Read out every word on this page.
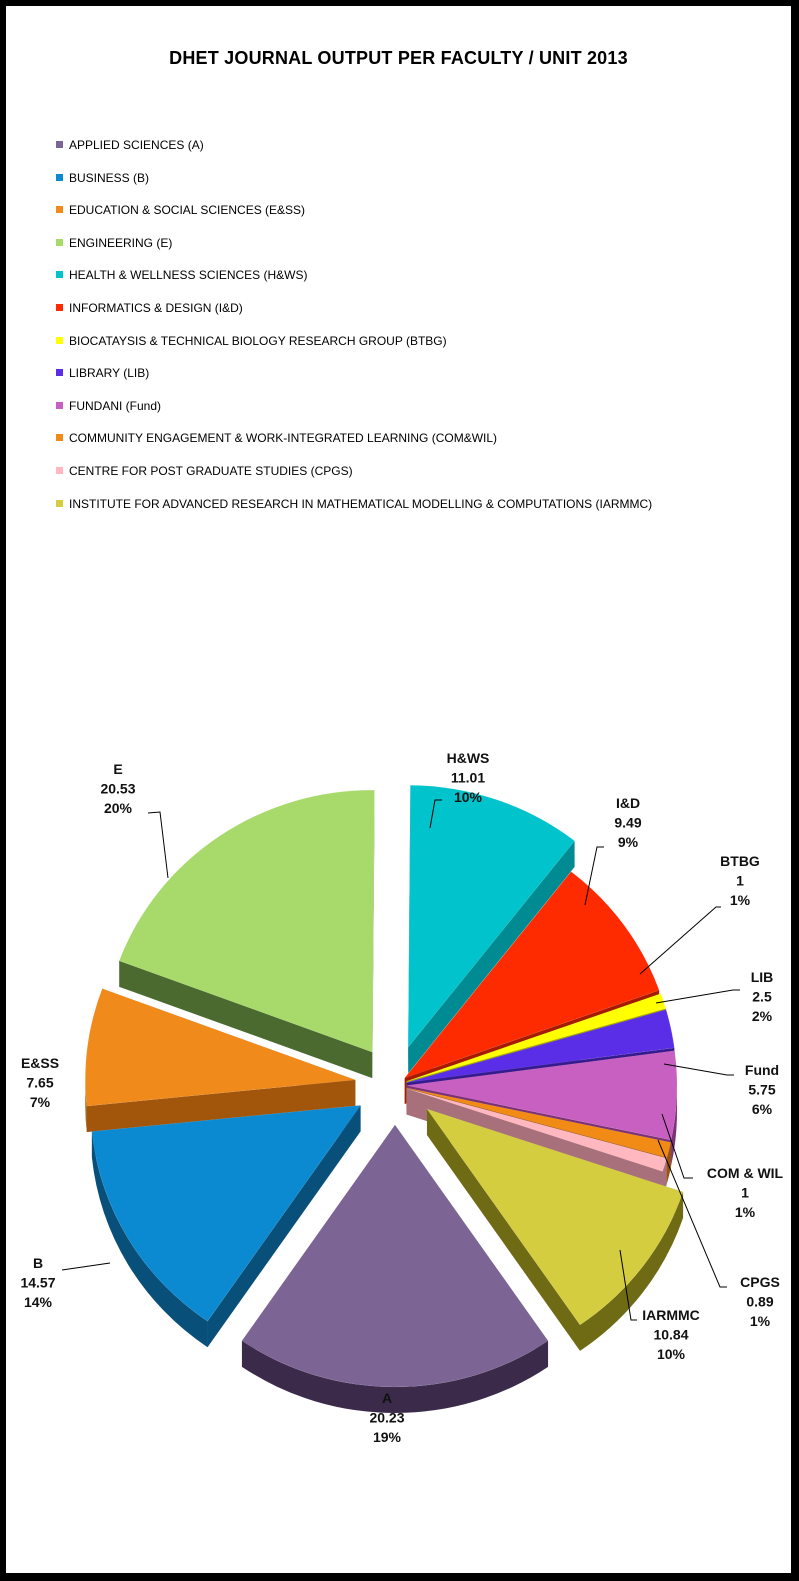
DHET JOURNAL OUTPUT PER FACULTY / UNIT 2013
APPLIED SCIENCES (A)
BUSINESS (B)
EDUCATION & SOCIAL SCIENCES (E&SS)
ENGINEERING (E)
HEALTH & WELLNESS SCIENCES (H&WS)
INFORMATICS & DESIGN (I&D)
BIOCATAYSIS & TECHNICAL BIOLOGY RESEARCH GROUP (BTBG)
LIBRARY (LIB)
FUNDANI (Fund)
COMMUNITY ENGAGEMENT & WORK-INTEGRATED LEARNING (COM&WIL)
CENTRE FOR POST GRADUATE STUDIES (CPGS)
INSTITUTE FOR ADVANCED RESEARCH IN MATHEMATICAL MODELLING & COMPUTATIONS (IARMMC)
A
20.23
19%
B
14.57
14%
E&SS
7.65
7%
E
20.53
20%
H&WS
11.01
10%	I&D
9.49
9%
BTBG
1
1%
LIB
2.5
2%
Fund
5.75
6%
COM & WIL
1
1%
CPGS
0.89
1%
IARMMC
10.84
10%
